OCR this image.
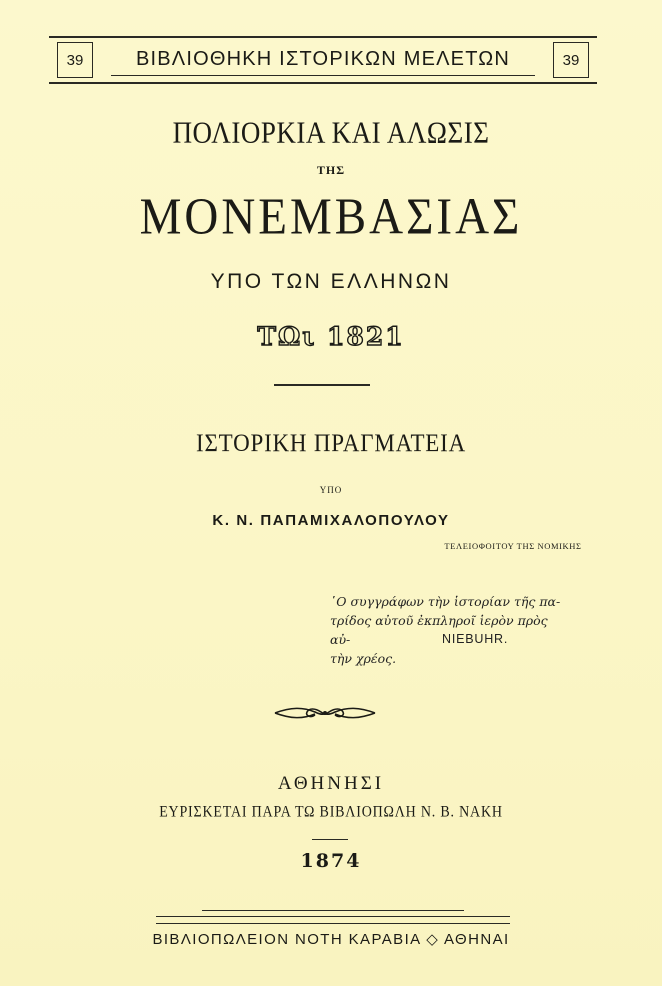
39	ΒΙΒΛΙΟΘΗΚΗ ΙΣΤΟΡΙΚΩΝ ΜΕΛΕΤΩΝ	39
ΠΟΛΙΟΡΚΙΑ ΚΑΙ ΑΛΩΣΙΣ
ΤΗΣ
ΜΟΝΕΜΒΑΣΙΑΣ
ΥΠΟ ΤΩΝ ΕΛΛΗΝΩΝ
ΤΩι 1821
ΙΣΤΟΡΙΚΗ ΠΡΑΓΜΑΤΕΙΑ
ΥΠΟ
Κ. Ν. ΠΑΠΑΜΙΧΑΛΟΠΟΥΛΟΥ
ΤΕΛΕΙΟΦΟΙΤΟΥ ΤΗΣ ΝΟΜΙΚΗΣ
῾Ο συγγράφων τὴν ἱστορίαν τῆς πα-
τρίδος αὐτοῦ ἐκπληροῖ ἱερὸν πρὸς αὐ-
τὴν χρέος.
NIEBUHR.
ΑΘΗΝΗΣΙ
ΕΥΡΙΣΚΕΤΑΙ ΠΑΡΑ ΤΩ ΒΙΒΛΙΟΠΩΛΗ Ν. Β. ΝΑΚΗ
1874
ΒΙΒΛΙΟΠΩΛΕΙΟΝ ΝΟΤΗ ΚΑΡΑΒΙΑ ◇ ΑΘΗΝΑΙ
